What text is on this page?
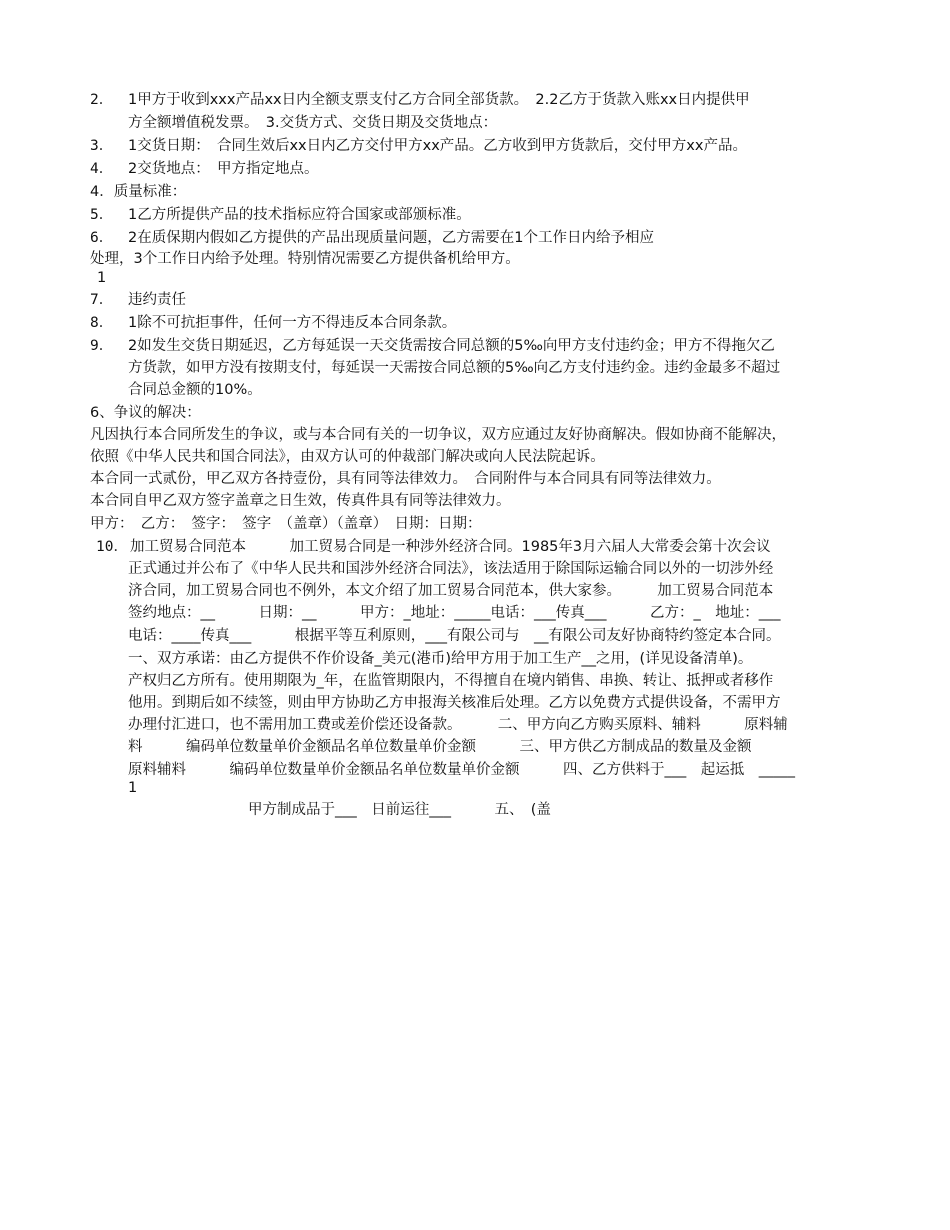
2． 1甲方于收到xxx产品xx日内全额支票支付乙方合同全部货款。　2.2乙方于货款入账xx日内提供甲
方全额增值税发票。　3.交货方式、交货日期及交货地点：
3． 1交货日期：　合同生效后xx日内乙方交付甲方xx产品。乙方收到甲方货款后，交付甲方xx产品。
4． 2交货地点：　甲方指定地点。
4．质量标准：
5． 1乙方所提供产品的技术指标应符合国家或部颁标准。
6． 2在质保期内假如乙方提供的产品出现质量问题，乙方需要在1个工作日内给予相应
处理，3个工作日内给予处理。特别情况需要乙方提供备机给甲方。
1
7． 违约责任
8． 1除不可抗拒事件，任何一方不得违反本合同条款。
9． 2如发生交货日期延迟，乙方每延误一天交货需按合同总额的5‰向甲方支付违约金；甲方不得拖欠乙
方货款，如甲方没有按期支付，每延误一天需按合同总额的5‰向乙方支付违约金。违约金最多不超过
合同总金额的10%。
6、争议的解决：
凡因执行本合同所发生的争议，或与本合同有关的一切争议，双方应通过友好协商解决。假如协商不能解决，
依照《中华人民共和国合同法》，由双方认可的仲裁部门解决或向人民法院起诉。
本合同一式贰份，甲乙双方各持壹份，具有同等法律效力。　合同附件与本合同具有同等法律效力。
本合同自甲乙双方签字盖章之日生效，传真件具有同等法律效力。
甲方：　乙方：　签字：　签字　（盖章）（盖章）　日期：日期：
10． 加工贸易合同范本　　　加工贸易合同是一种涉外经济合同。1985年3月六届人大常委会第十次会议
正式通过并公布了《中华人民共和国涉外经济合同法》，该法适用于除国际运输合同以外的一切涉外经
济合同，加工贸易合同也不例外，本文介绍了加工贸易合同范本，供大家参。　　　加工贸易合同范本
签约地点：__　　　日期：__　　　甲方：_地址：_____电话：___传真___　　　乙方：_　地址：___
电话：____传真___　　　根据平等互利原则，___有限公司与　__有限公司友好协商特约签定本合同。
一、双方承诺：由乙方提供不作价设备_美元(港币)给甲方用于加工生产__之用，(详见设备清单)。
产权归乙方所有。使用期限为_年，在监管期限内，不得擅自在境内销售、串换、转让、抵押或者移作
他用。到期后如不续签，则由甲方协助乙方申报海关核准后处理。乙方以免费方式提供设备，不需甲方
办理付汇进口，也不需用加工费或差价偿还设备款。　　　二、甲方向乙方购买原料、辅料　　　原料辅
料　　　编码单位数量单价金额品名单位数量单价金额　　　三、甲方供乙方制成品的数量及金额
原料辅料　　　编码单位数量单价金额品名单位数量单价金额　　　四、乙方供料于___　起运抵　_____
1
甲方制成品于___　日前运往___　　　五、　(盖
